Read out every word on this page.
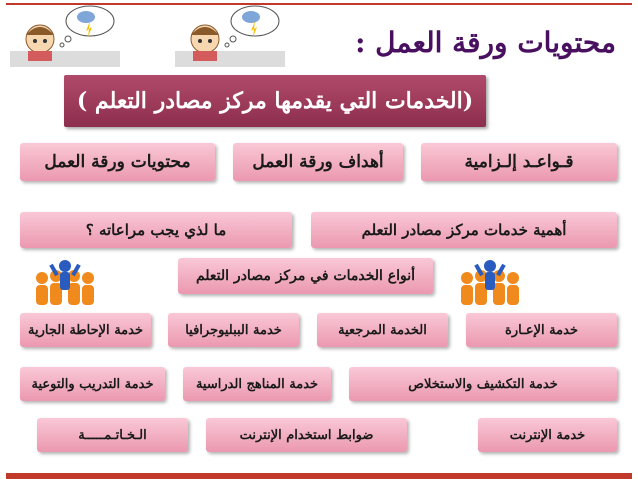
محتويات ورقة العمل :
(الخدمات التي يقدمها مركز مصادر التعلم )
قـواعـد إلـزامية
أهداف ورقة العمل
محتويات ورقة العمل
أهمية خدمات مركز مصادر التعلم
ما لذي يجب مراعاته ؟
أنواع الخدمات في مركز مصادر التعلم
خدمة الإعـارة
الخدمة المرجعية
خدمة الببليوجرافيا
خدمة الإحاطة الجارية
خدمة التكشيف والاستخلاص
خدمة المناهج الدراسية
خدمة التدريب والتوعية
خدمة الإنترنت
ضوابط استخدام الإنترنت
الـخـاتـمـــــة
